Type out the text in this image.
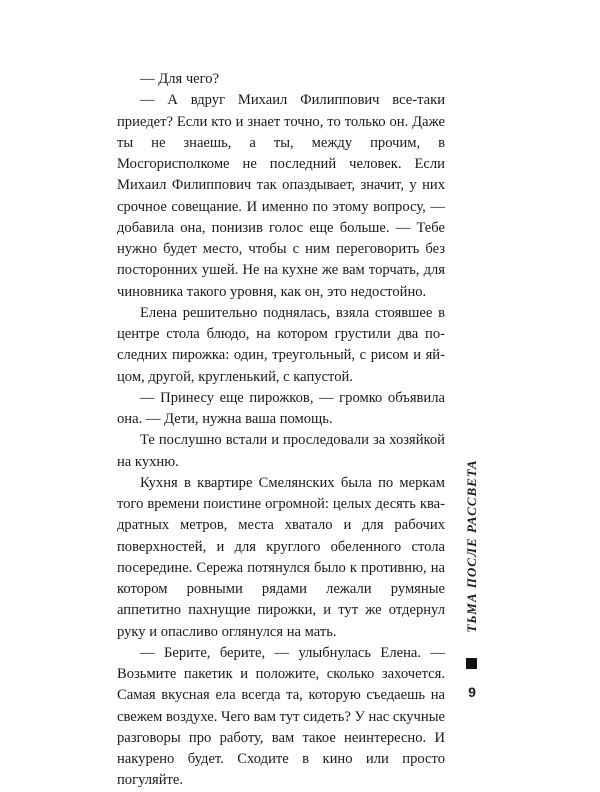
— Для чего?

— А вдруг Михаил Филиппович все-таки приедет? Если кто и знает точно, то только он. Даже ты не знаешь, а ты, между прочим, в Мосгорисполкоме не последний человек. Если Михаил Филиппович так опаздывает, значит, у них срочное совещание. И именно по этому вопросу, — добавила она, понизив голос еще больше. — Тебе нужно будет место, чтобы с ним переговорить без посторонних ушей. Не на кухне же вам торчать, для чиновника такого уровня, как он, это недостойно.

Елена решительно поднялась, взяла стоявшее в центре стола блюдо, на котором грустили два последних пирожка: один, треугольный, с рисом и яйцом, другой, кругленький, с капустой.

— Принесу еще пирожков, — громко объявила она. — Дети, нужна ваша помощь.

Те послушно встали и проследовали за хозяйкой на кухню.

Кухня в квартире Смелянских была по меркам того времени поистине огромной: целых десять квадратных метров, места хватало и для рабочих поверхностей, и для круглого обеленного стола посередине. Сережа потянулся было к противню, на котором ровными рядами лежали румяные аппетитно пахнущие пирожки, и тут же отдернул руку и опасливо оглянулся на мать.

— Берите, берите, — улыбнулась Елена. — Возьмите пакетик и положите, сколько захочется. Самая вкусная ела всегда та, которую съедаешь на свежем воздухе. Чего вам тут сидеть? У нас скучные разговоры про работу, вам такое неинтересно. И накурено будет. Сходите в кино или просто погуляйте.

ТЬМА ПОСЛЕ РАССВЕТА
9
